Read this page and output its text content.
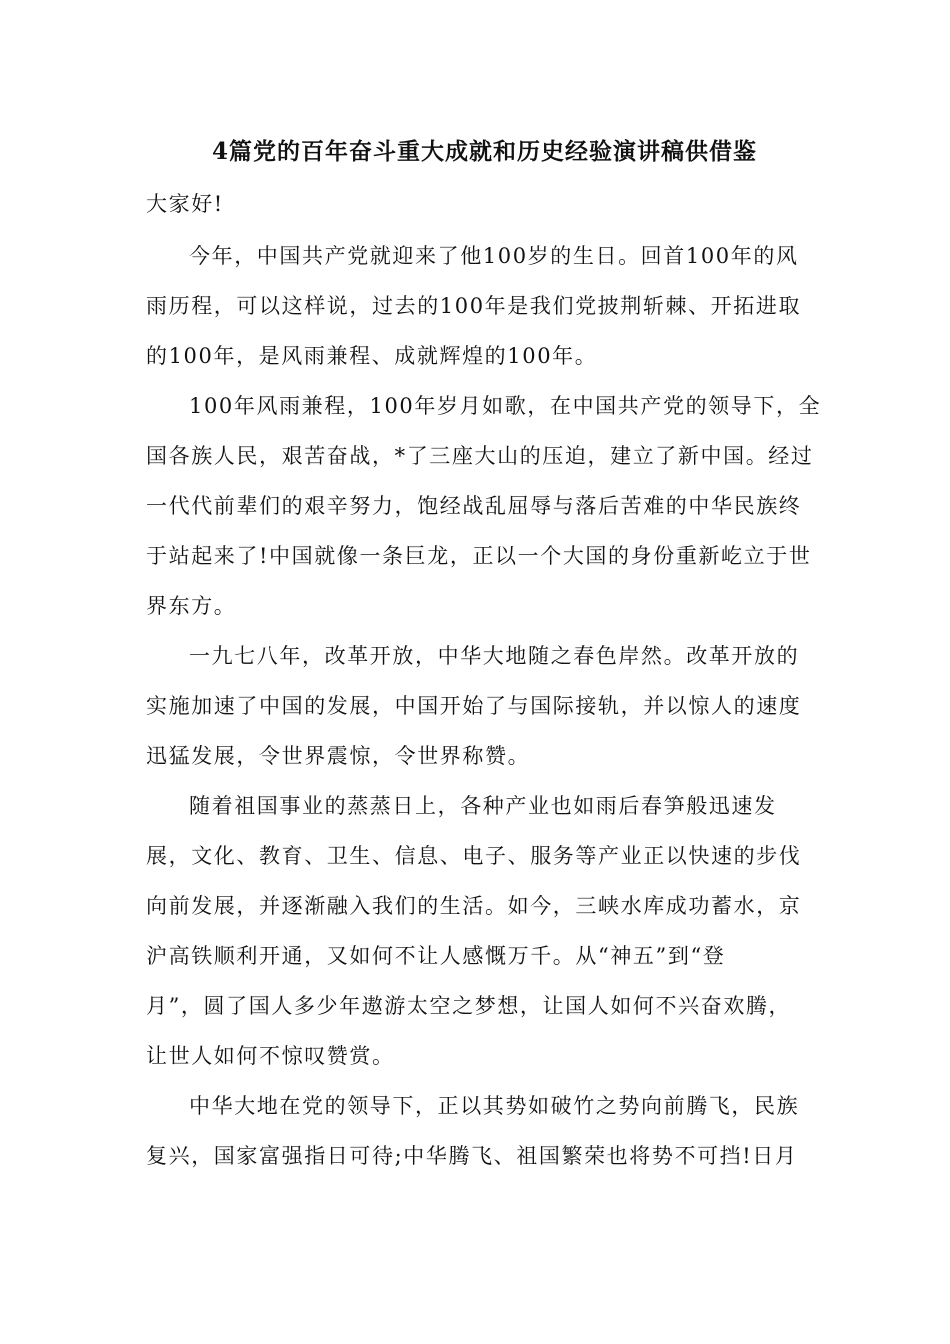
4篇党的百年奋斗重大成就和历史经验演讲稿供借鉴
大家好!
今年，中国共产党就迎来了他100岁的生日。回首100年的风
雨历程，可以这样说，过去的100年是我们党披荆斩棘、开拓进取
的100年，是风雨兼程、成就辉煌的100年。
100年风雨兼程，100年岁月如歌，在中国共产党的领导下，全
国各族人民，艰苦奋战，*了三座大山的压迫，建立了新中国。经过
一代代前辈们的艰辛努力，饱经战乱屈辱与落后苦难的中华民族终
于站起来了!中国就像一条巨龙，正以一个大国的身份重新屹立于世
界东方。
一九七八年，改革开放，中华大地随之春色岸然。改革开放的
实施加速了中国的发展，中国开始了与国际接轨，并以惊人的速度
迅猛发展，令世界震惊，令世界称赞。
随着祖国事业的蒸蒸日上，各种产业也如雨后春笋般迅速发
展，文化、教育、卫生、信息、电子、服务等产业正以快速的步伐
向前发展，并逐渐融入我们的生活。如今，三峡水库成功蓄水，京
沪高铁顺利开通，又如何不让人感慨万千。从“神五”到“登
月”，圆了国人多少年遨游太空之梦想，让国人如何不兴奋欢腾，
让世人如何不惊叹赞赏。
中华大地在党的领导下，正以其势如破竹之势向前腾飞，民族
复兴，国家富强指日可待;中华腾飞、祖国繁荣也将势不可挡!日月
